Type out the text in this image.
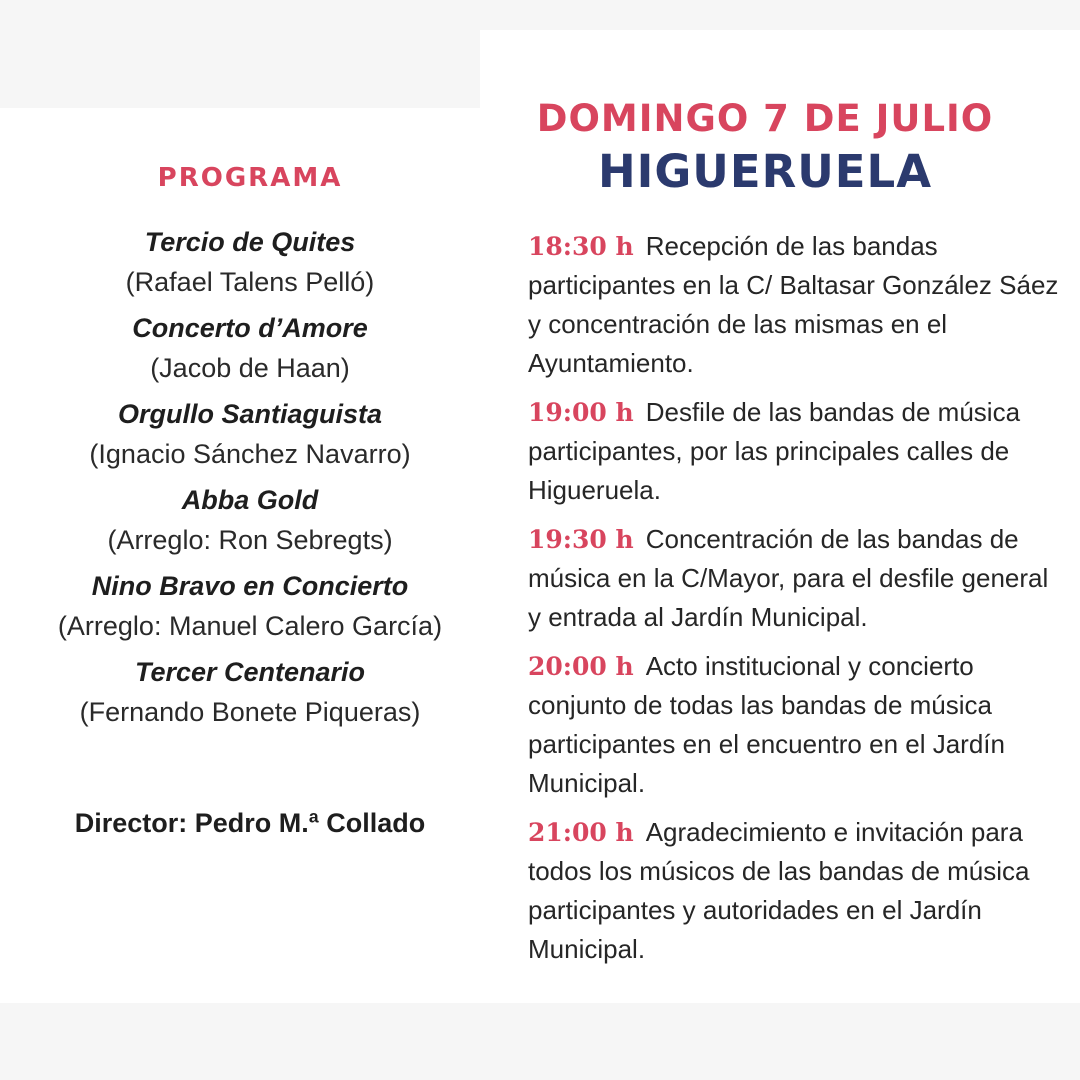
PROGRAMA
Tercio de Quites
(Rafael Talens Pelló)
Concerto d’Amore
(Jacob de Haan)
Orgullo Santiaguista
(Ignacio Sánchez Navarro)
Abba Gold
(Arreglo: Ron Sebregts)
Nino Bravo en Concierto
(Arreglo: Manuel Calero García)
Tercer Centenario
(Fernando Bonete Piqueras)
Director: Pedro M.ª Collado
DOMINGO 7 DE JULIO
HIGUERUELA
18:30 h Recepción de las bandas participantes en la C/ Baltasar González Sáez y concentración de las mismas en el Ayuntamiento.
19:00 h Desfile de las bandas de música participantes, por las principales calles de Higueruela.
19:30 h Concentración de las bandas de música en la C/Mayor, para el desfile general y entrada al Jardín Municipal.
20:00 h Acto institucional y concierto conjunto de todas las bandas de música participantes en el encuentro en el Jardín Municipal.
21:00 h Agradecimiento e invitación para todos los músicos de las bandas de música participantes y autoridades en el Jardín Municipal.
